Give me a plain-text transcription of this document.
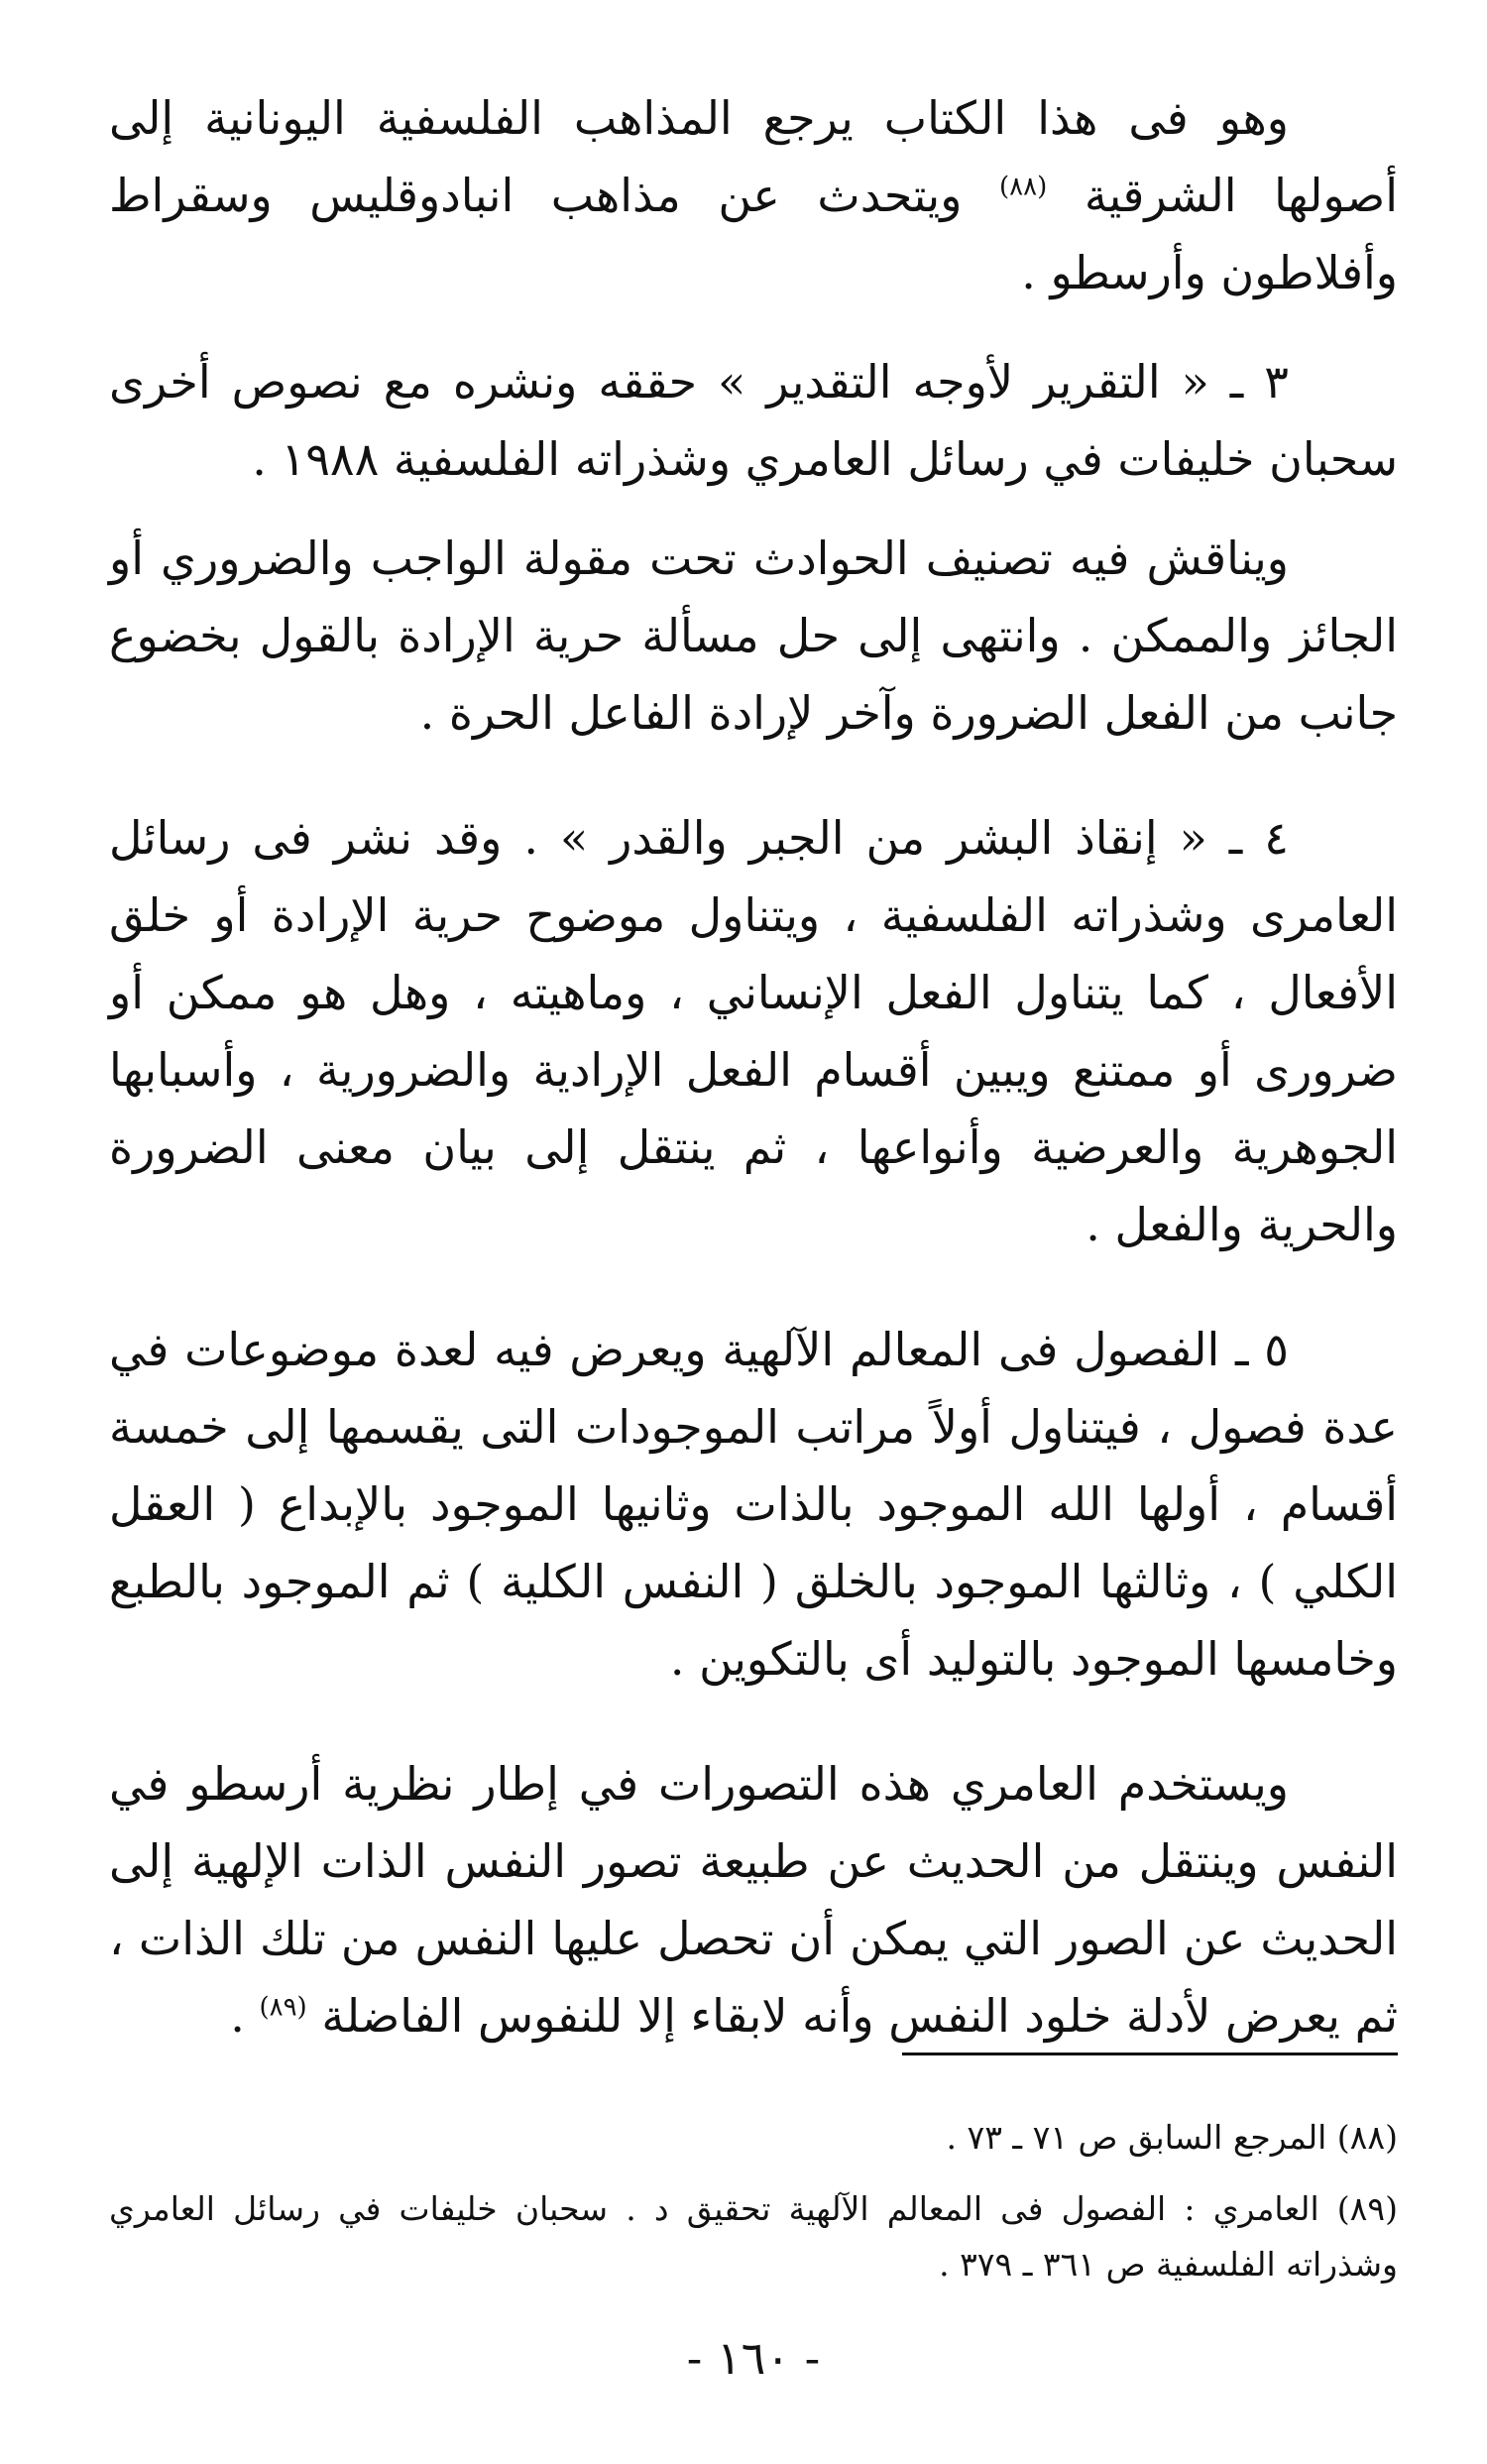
وهو فى هذا الكتاب يرجع المذاهب الفلسفية اليونانية إلى أصولها الشرقية $^{(٨٨)}$ ويتحدث عن مذاهب انبادوقليس وسقراط وأفلاطون وأرسطو .

٣ ـ « التقرير لأوجه التقدير » حققه ونشره مع نصوص أخرى سحبان خليفات في رسائل العامري وشذراته الفلسفية ١٩٨٨ .

ويناقش فيه تصنيف الحوادث تحت مقولة الواجب والضروري أو الجائز والممكن . وانتهى إلى حل مسألة حرية الإرادة بالقول بخضوع جانب من الفعل الضرورة وآخر لإرادة الفاعل الحرة .

٤ ـ « إنقاذ البشر من الجبر والقدر » . وقد نشر فى رسائل العامرى وشذراته الفلسفية ، ويتناول موضوح حرية الإرادة أو خلق الأفعال ، كما يتناول الفعل الإنساني ، وماهيته ، وهل هو ممكن أو ضرورى أو ممتنع ويبين أقسام الفعل الإرادية والضرورية ، وأسبابها الجوهرية والعرضية وأنواعها ، ثم ينتقل إلى بيان معنى الضرورة والحرية والفعل .

٥ ـ الفصول فى المعالم الآلهية ويعرض فيه لعدة موضوعات في عدة فصول ، فيتناول أولاً مراتب الموجودات التى يقسمها إلى خمسة أقسام ، أولها الله الموجود بالذات وثانيها الموجود بالإبداع ( العقل الكلي ) ، وثالثها الموجود بالخلق ( النفس الكلية ) ثم الموجود بالطبع وخامسها الموجود بالتوليد أى بالتكوين .

ويستخدم العامري هذه التصورات في إطار نظرية أرسطو في النفس وينتقل من الحديث عن طبيعة تصور النفس الذات الإلهية إلى الحديث عن الصور التي يمكن أن تحصل عليها النفس من تلك الذات ، ثم يعرض لأدلة خلود النفس وأنه لابقاء إلا للنفوس الفاضلة $^{(٨٩)}$ .

(٨٨) المرجع السابق ص ٧١ ـ ٧٣ .

(٨٩) العامري : الفصول فى المعالم الآلهية تحقيق د . سحبان خليفات في رسائل العامري وشذراته الفلسفية ص ٣٦١ ـ ٣٧٩ .

- ١٦٠ -
